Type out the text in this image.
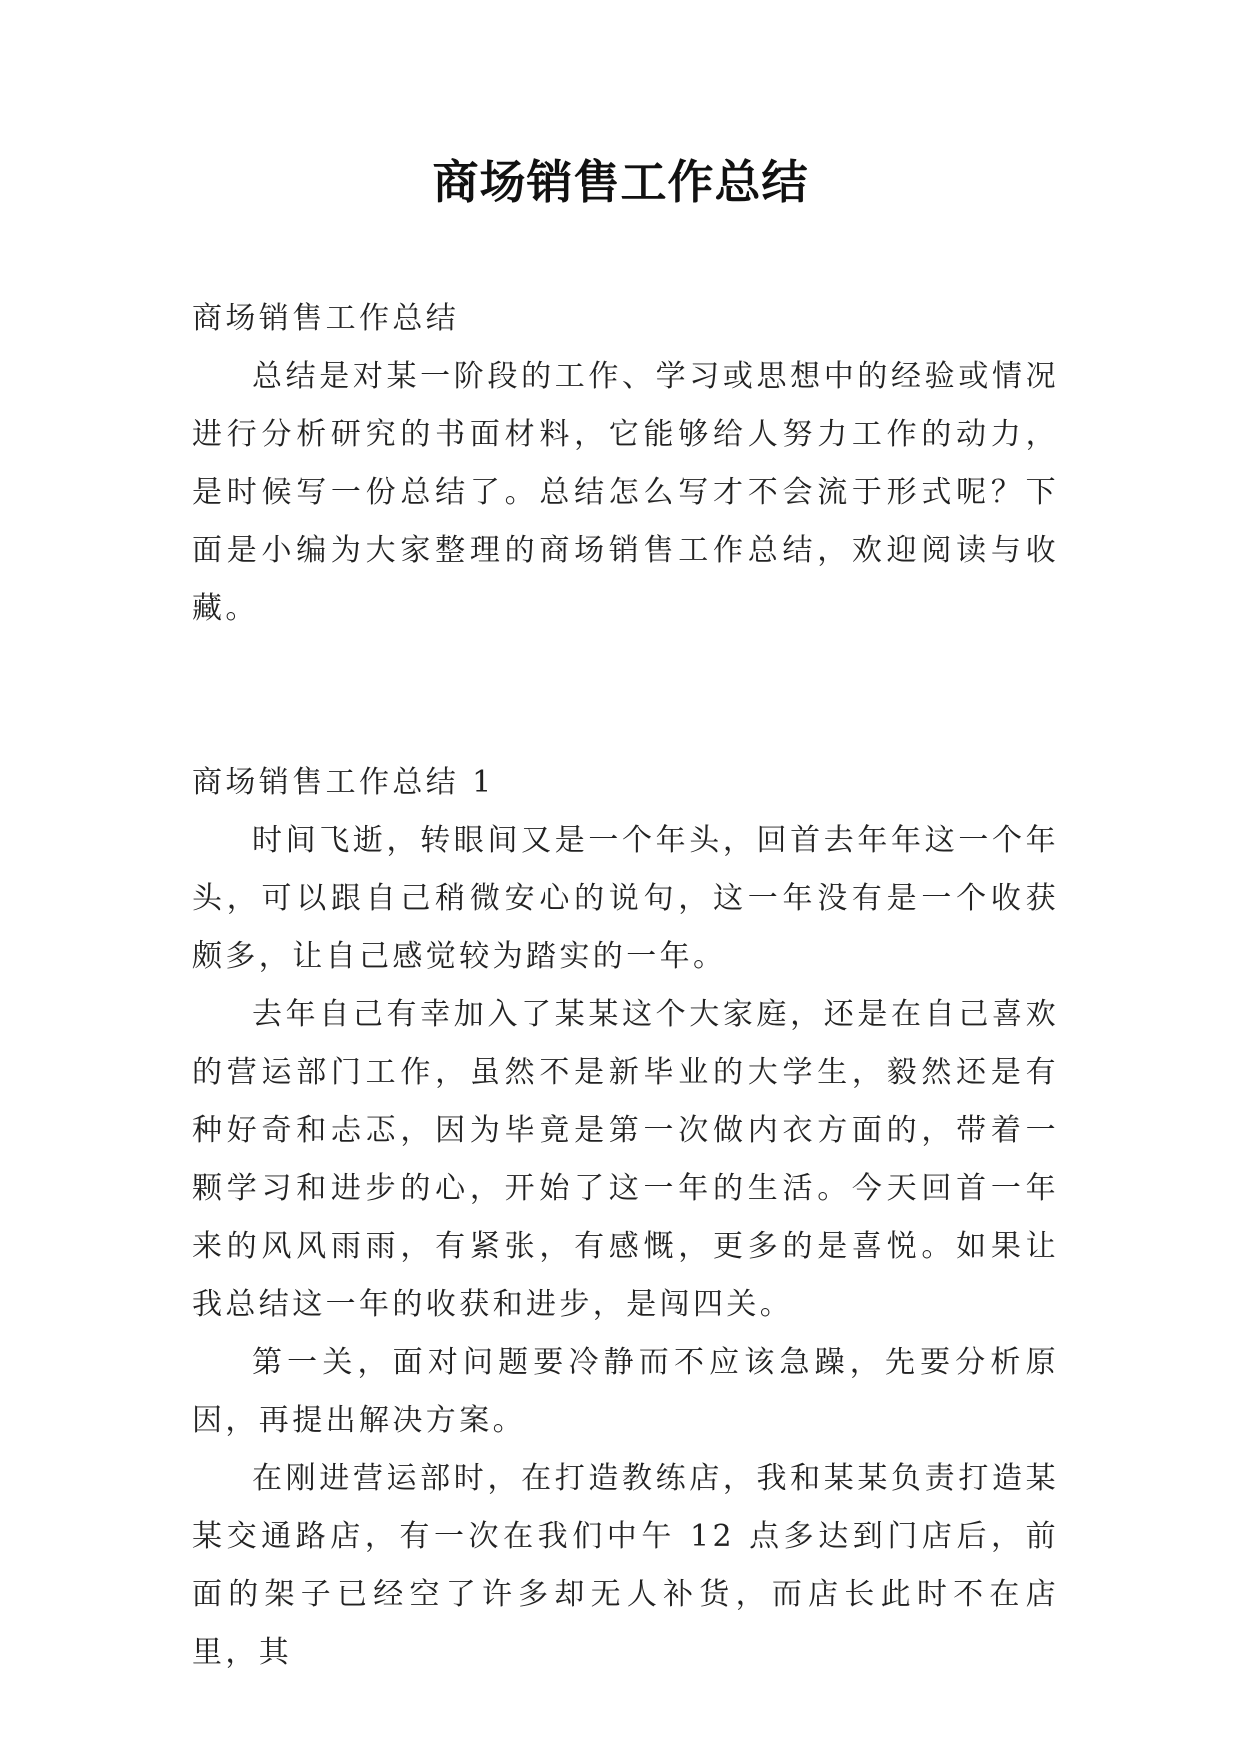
商场销售工作总结

商场销售工作总结

总结是对某一阶段的工作、学习或思想中的经验或情况进行分析研究的书面材料，它能够给人努力工作的动力，是时候写一份总结了。总结怎么写才不会流于形式呢？下面是小编为大家整理的商场销售工作总结，欢迎阅读与收藏。

商场销售工作总结 1

时间飞逝，转眼间又是一个年头，回首去年年这一个年头，可以跟自己稍微安心的说句，这一年没有是一个收获颇多，让自己感觉较为踏实的一年。

去年自己有幸加入了某某这个大家庭，还是在自己喜欢的营运部门工作，虽然不是新毕业的大学生，毅然还是有种好奇和忐忑，因为毕竟是第一次做内衣方面的，带着一颗学习和进步的心，开始了这一年的生活。今天回首一年来的风风雨雨，有紧张，有感慨，更多的是喜悦。如果让我总结这一年的收获和进步，是闯四关。

第一关，面对问题要冷静而不应该急躁，先要分析原因，再提出解决方案。

在刚进营运部时，在打造教练店，我和某某负责打造某某交通路店，有一次在我们中午 12 点多达到门店后，前面的架子已经空了许多却无人补货，而店长此时不在店里，其
